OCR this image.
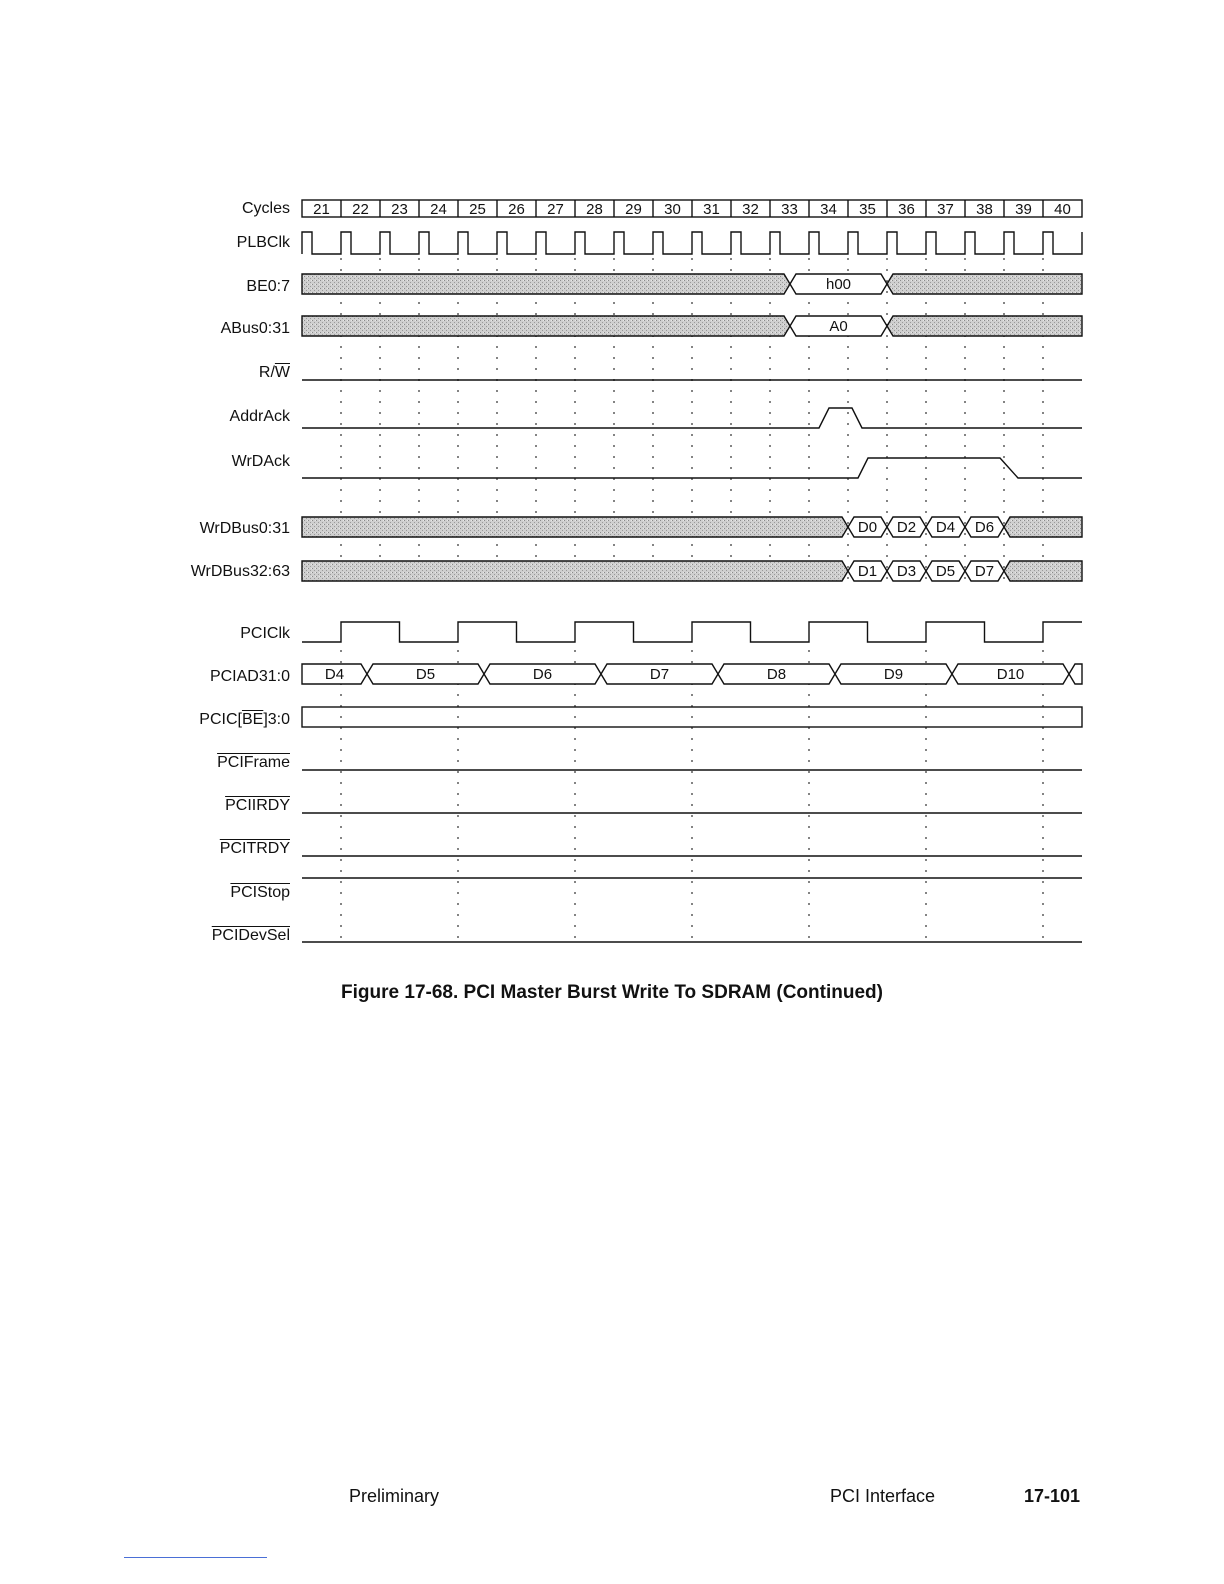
21 22 23 24 25 26 27 28 29 30 31 32 33 34 35 36 37 38 39 40
h00
A0
D0 D2 D4 D6
D1 D3 D5 D7
D4	D5	D6	D7	D8	D9	D10
Cycles
PLBClk
BE0:7
ABus0:31
$R/\overline{W}$
AddrAck
WrDAck
WrDBus0:31
WrDBus32:63
PCIClk
PCIAD31:0
$PCIC[\overline{BE}]3:0$
PCIFrame
PCIIRDY
PCITRDY
PCIStop
PCIDevSel
Figure 17-68. PCI Master Burst Write To SDRAM (Continued)
Preliminary	PCI Interface	17-101
